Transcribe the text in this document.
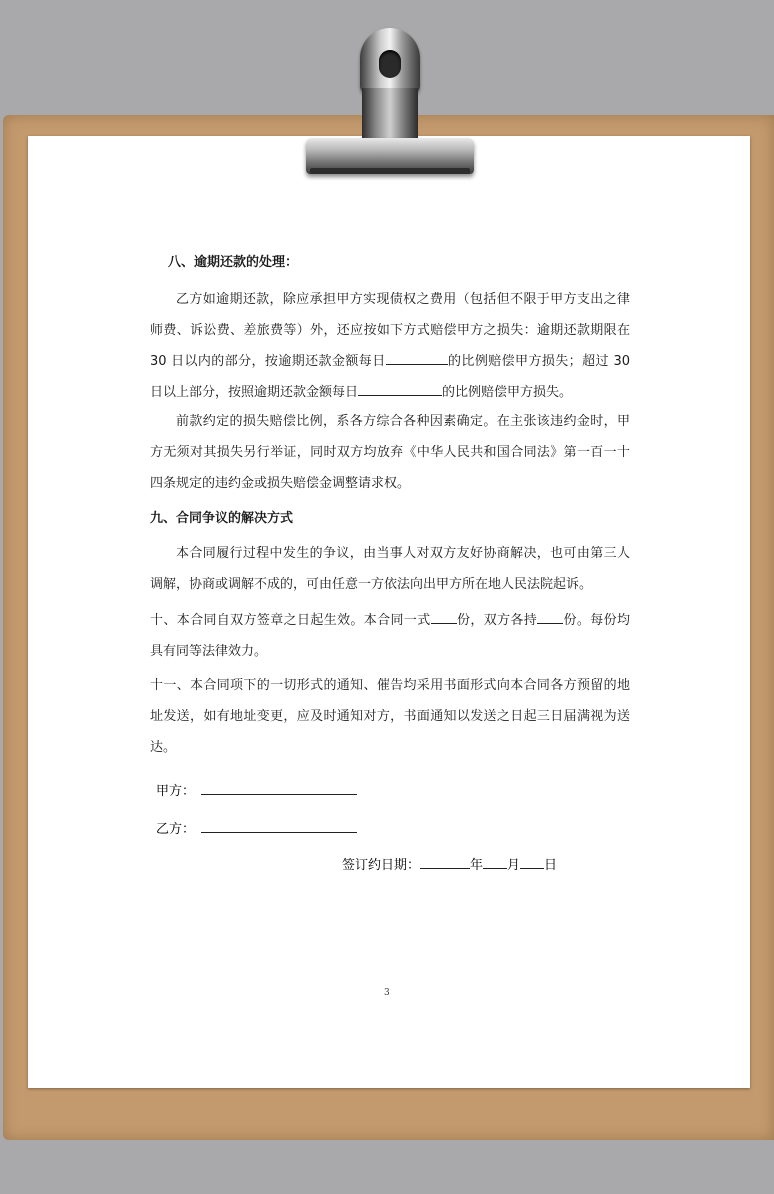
八、逾期还款的处理：

乙方如逾期还款，除应承担甲方实现债权之费用（包括但不限于甲方支出之律师费、诉讼费、差旅费等）外，还应按如下方式赔偿甲方之损失：逾期还款期限在 30 日以内的部分，按逾期还款金额每日	的比例赔偿甲方损失；超过 30 日以上部分，按照逾期还款金额每日	的比例赔偿甲方损失。

前款约定的损失赔偿比例，系各方综合各种因素确定。在主张该违约金时，甲方无须对其损失另行举证，同时双方均放弃《中华人民共和国合同法》第一百一十四条规定的违约金或损失赔偿金调整请求权。

九、合同争议的解决方式

本合同履行过程中发生的争议，由当事人对双方友好协商解决，也可由第三人调解，协商或调解不成的，可由任意一方依法向出甲方所在地人民法院起诉。

十、本合同自双方签章之日起生效。本合同一式 份，双方各持 份。每份均具有同等法律效力。

十一、本合同项下的一切形式的通知、催告均采用书面形式向本合同各方预留的地址发送，如有地址变更，应及时通知对方，书面通知以发送之日起三日届满视为送达。

甲方：
乙方：
签订约日期：	年 月 日
3
